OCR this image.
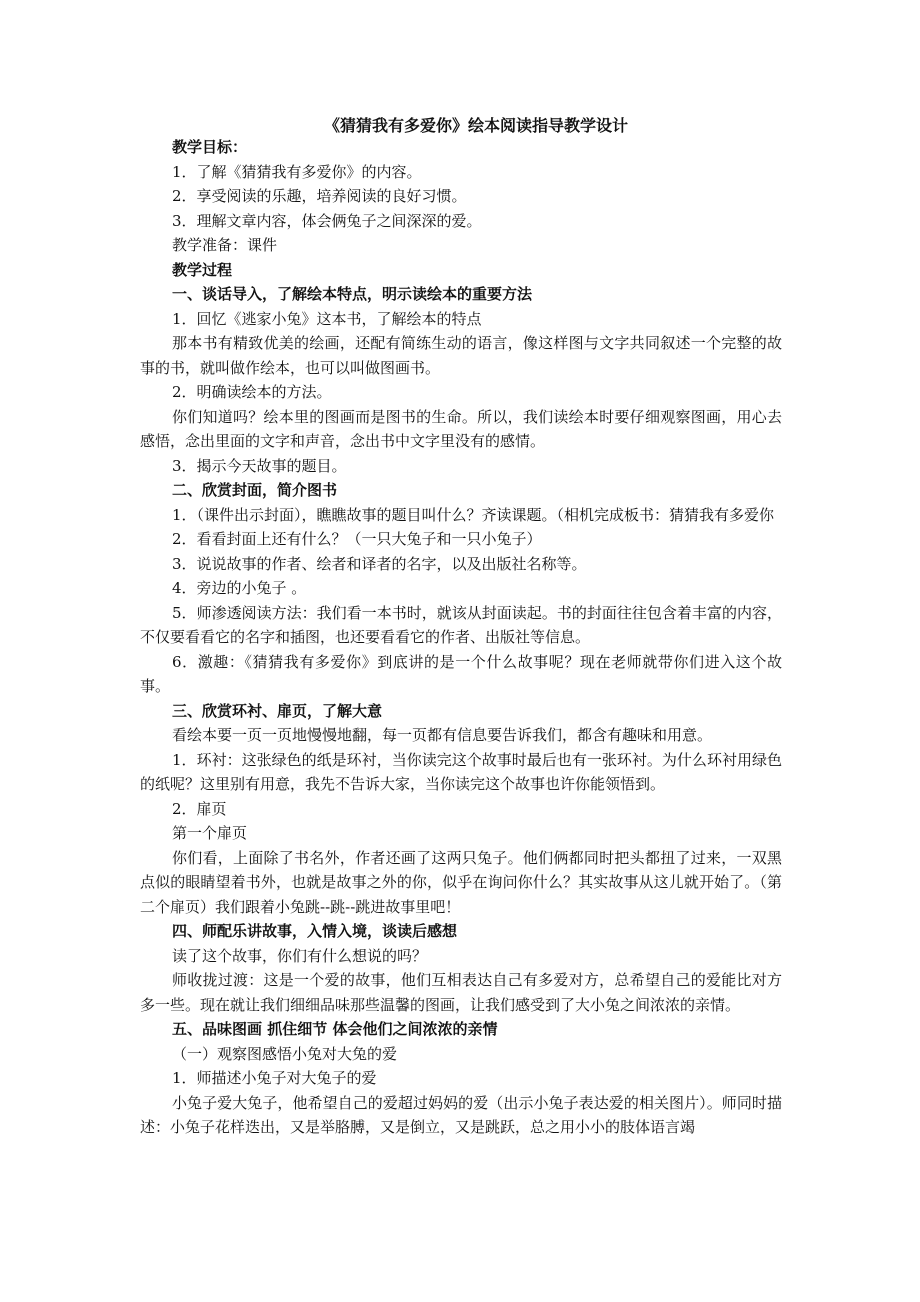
《猜猜我有多爱你》绘本阅读指导教学设计

教学目标：

1．了解《猜猜我有多爱你》的内容。

2．享受阅读的乐趣，培养阅读的良好习惯。

3．理解文章内容，体会俩兔子之间深深的爱。

教学准备：课件

教学过程

一、谈话导入，了解绘本特点，明示读绘本的重要方法

1．回忆《逃家小兔》这本书，了解绘本的特点

那本书有精致优美的绘画，还配有简练生动的语言，像这样图与文字共同叙述一个完整的故事的书，就叫做作绘本，也可以叫做图画书。

2．明确读绘本的方法。

你们知道吗？绘本里的图画而是图书的生命。所以，我们读绘本时要仔细观察图画，用心去感悟，念出里面的文字和声音，念出书中文字里没有的感情。

3．揭示今天故事的题目。

二、欣赏封面，简介图书

1．（课件出示封面），瞧瞧故事的题目叫什么？齐读课题。（相机完成板书：猜猜我有多爱你

2．看看封面上还有什么？（一只大兔子和一只小兔子）

3．说说故事的作者、绘者和译者的名字，以及出版社名称等。

4．旁边的小兔子 。

5．师渗透阅读方法：我们看一本书时，就该从封面读起。书的封面往往包含着丰富的内容，不仅要看看它的名字和插图，也还要看看它的作者、出版社等信息。

6．激趣：《猜猜我有多爱你》到底讲的是一个什么故事呢？现在老师就带你们进入这个故事。

三、欣赏环衬、扉页，了解大意

看绘本要一页一页地慢慢地翻，每一页都有信息要告诉我们，都含有趣味和用意。

1．环衬：这张绿色的纸是环衬，当你读完这个故事时最后也有一张环衬。为什么环衬用绿色的纸呢？这里别有用意，我先不告诉大家，当你读完这个故事也许你能领悟到。

2．扉页

第一个扉页

你们看，上面除了书名外，作者还画了这两只兔子。他们俩都同时把头都扭了过来，一双黑点似的眼睛望着书外，也就是故事之外的你，似乎在询问你什么？其实故事从这儿就开始了。（第二个扉页）我们跟着小兔跳--跳--跳进故事里吧！

四、师配乐讲故事，入情入境，谈读后感想

读了这个故事，你们有什么想说的吗？

师收拢过渡：这是一个爱的故事，他们互相表达自己有多爱对方，总希望自己的爱能比对方多一些。现在就让我们细细品味那些温馨的图画，让我们感受到了大小兔之间浓浓的亲情。

五、品味图画 抓住细节 体会他们之间浓浓的亲情

（一）观察图感悟小兔对大兔的爱

1．师描述小兔子对大兔子的爱

小兔子爱大兔子，他希望自己的爱超过妈妈的爱（出示小兔子表达爱的相关图片）。师同时描述：小兔子花样迭出，又是举胳膊，又是倒立，又是跳跃，总之用小小的肢体语言竭
